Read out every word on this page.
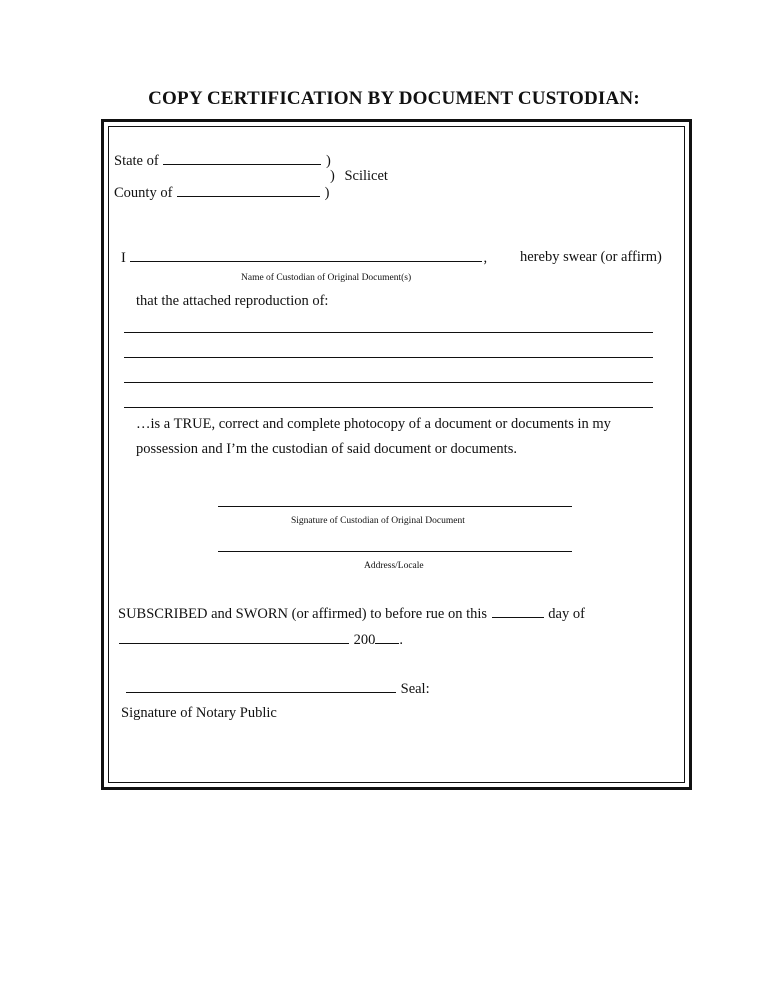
COPY CERTIFICATION BY DOCUMENT CUSTODIAN:
State of	)
) Scilicet
County of	)
I	, hereby swear (or affirm)
Name of Custodian of Original Document(s)
that the attached reproduction of:
…is a TRUE, correct and complete photocopy of a document or documents in my
possession and I’m the custodian of said document or documents.
Signature of Custodian of Original Document
Address/Locale
SUBSCRIBED and SWORN (or affirmed) to before rue on this	day of
200 .
Seal:
Signature of Notary Public
